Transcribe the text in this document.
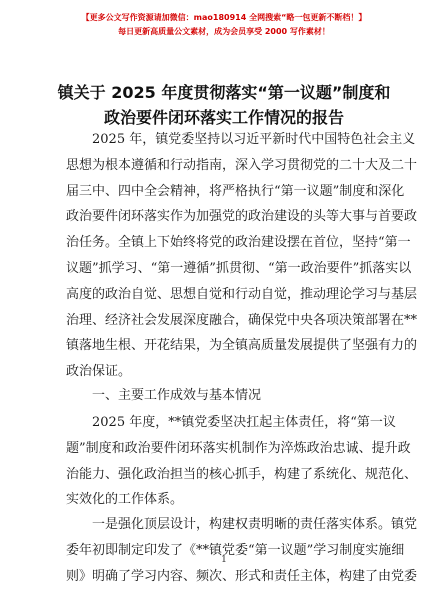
【更多公文写作资源请加微信：mao180914 全网搜索“略一包更新不断档！】
每日更新高质量公文素材，成为会员享受 2000 写作素材！
镇关于 2025 年度贯彻落实“第一议题”制度和
政治要件闭环落实工作情况的报告
2025 年，镇党委坚持以习近平新时代中国特色社会主义
思想为根本遵循和行动指南，深入学习贯彻党的二十大及二十
届三中、四中全会精神，将严格执行“第一议题”制度和深化
政治要件闭环落实作为加强党的政治建设的头等大事与首要政
治任务。全镇上下始终将党的政治建设摆在首位，坚持“第一
议题”抓学习、“第一遵循”抓贯彻、“第一政治要件”抓落实以
高度的政治自觉、思想自觉和行动自觉，推动理论学习与基层
治理、经济社会发展深度融合，确保党中央各项决策部署在**
镇落地生根、开花结果，为全镇高质量发展提供了坚强有力的
政治保证。
一、主要工作成效与基本情况
2025 年度，**镇党委坚决扛起主体责任，将“第一议
题”制度和政治要件闭环落实机制作为淬炼政治忠诚、提升政
治能力、强化政治担当的核心抓手，构建了系统化、规范化、
实效化的工作体系。
一是强化顶层设计，构建权责明晰的责任落实体系。镇党
委年初即制定印发了《**镇党委“第一议题”学习制度实施细
则》明确了学习内容、频次、形式和责任主体，构建了由党委
1
